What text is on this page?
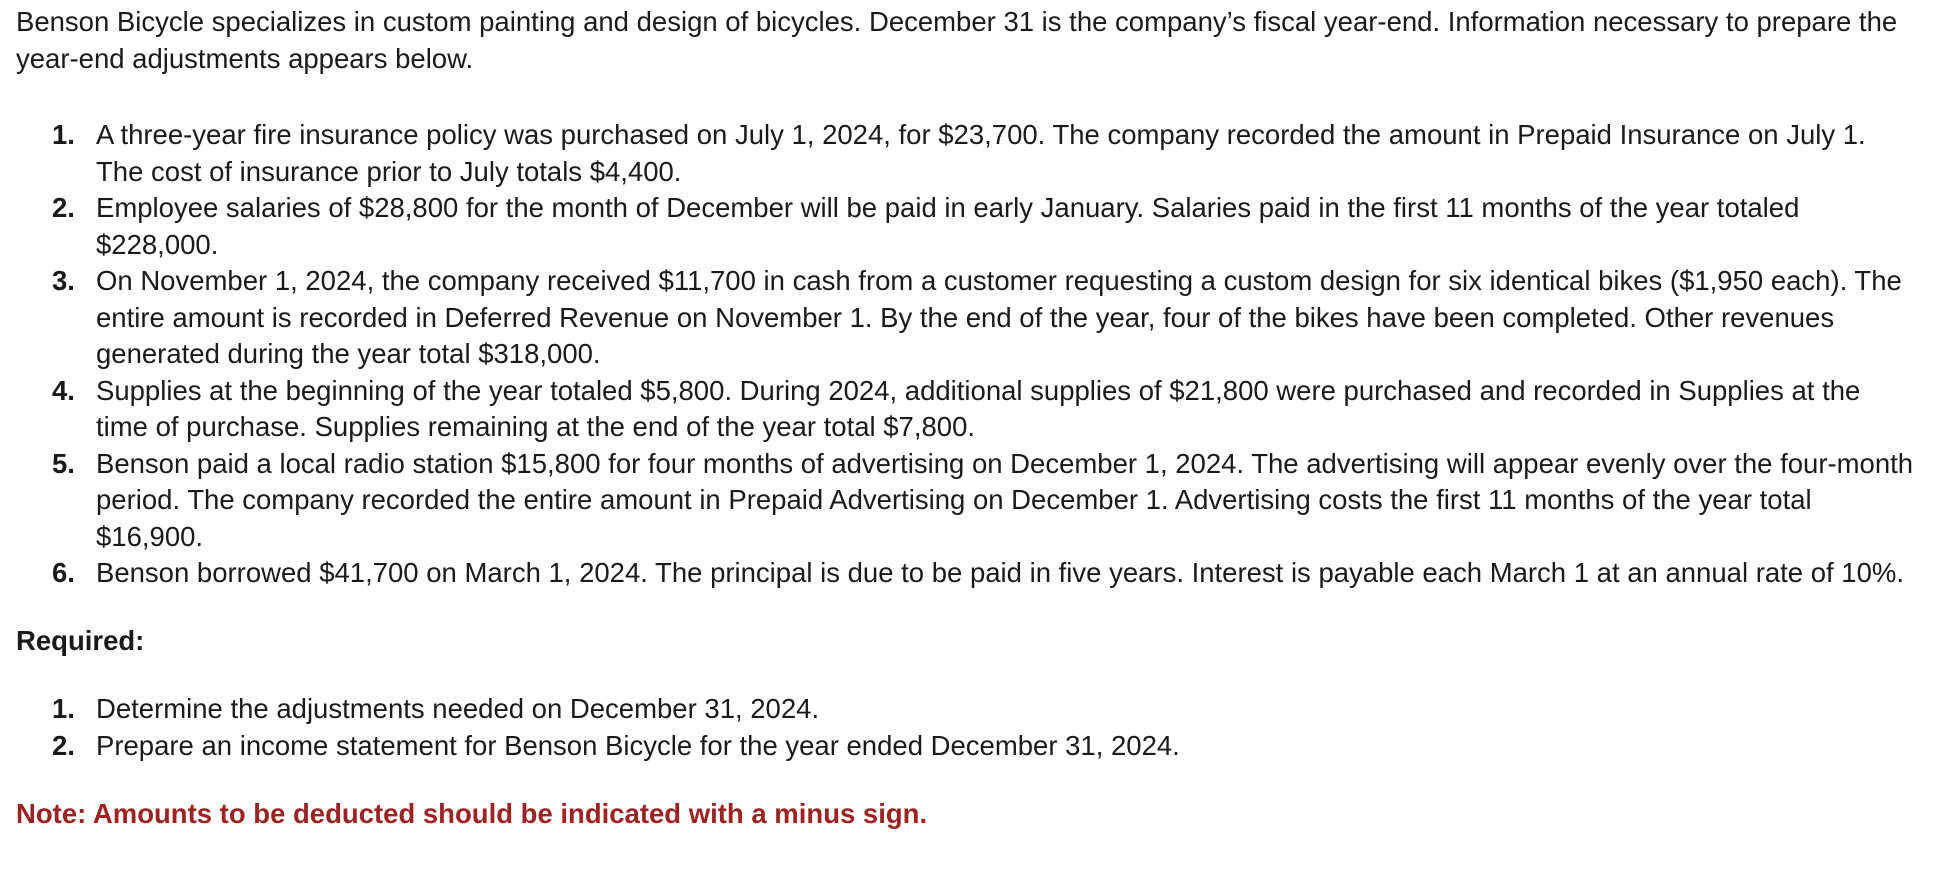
Benson Bicycle specializes in custom painting and design of bicycles. December 31 is the company’s fiscal year-end. Information necessary to prepare the year-end adjustments appears below.

1. A three-year fire insurance policy was purchased on July 1, 2024, for $23,700. The company recorded the amount in Prepaid Insurance on July 1. The cost of insurance prior to July totals $4,400.
2. Employee salaries of $28,800 for the month of December will be paid in early January. Salaries paid in the first 11 months of the year totaled $228,000.
3. On November 1, 2024, the company received $11,700 in cash from a customer requesting a custom design for six identical bikes ($1,950 each). The entire amount is recorded in Deferred Revenue on November 1. By the end of the year, four of the bikes have been completed. Other revenues generated during the year total $318,000.
4. Supplies at the beginning of the year totaled $5,800. During 2024, additional supplies of $21,800 were purchased and recorded in Supplies at the time of purchase. Supplies remaining at the end of the year total $7,800.
5. Benson paid a local radio station $15,800 for four months of advertising on December 1, 2024. The advertising will appear evenly over the four-month period. The company recorded the entire amount in Prepaid Advertising on December 1. Advertising costs the first 11 months of the year total $16,900.
6. Benson borrowed $41,700 on March 1, 2024. The principal is due to be paid in five years. Interest is payable each March 1 at an annual rate of 10%.

Required:

1. Determine the adjustments needed on December 31, 2024.
2. Prepare an income statement for Benson Bicycle for the year ended December 31, 2024.

Note: Amounts to be deducted should be indicated with a minus sign.
